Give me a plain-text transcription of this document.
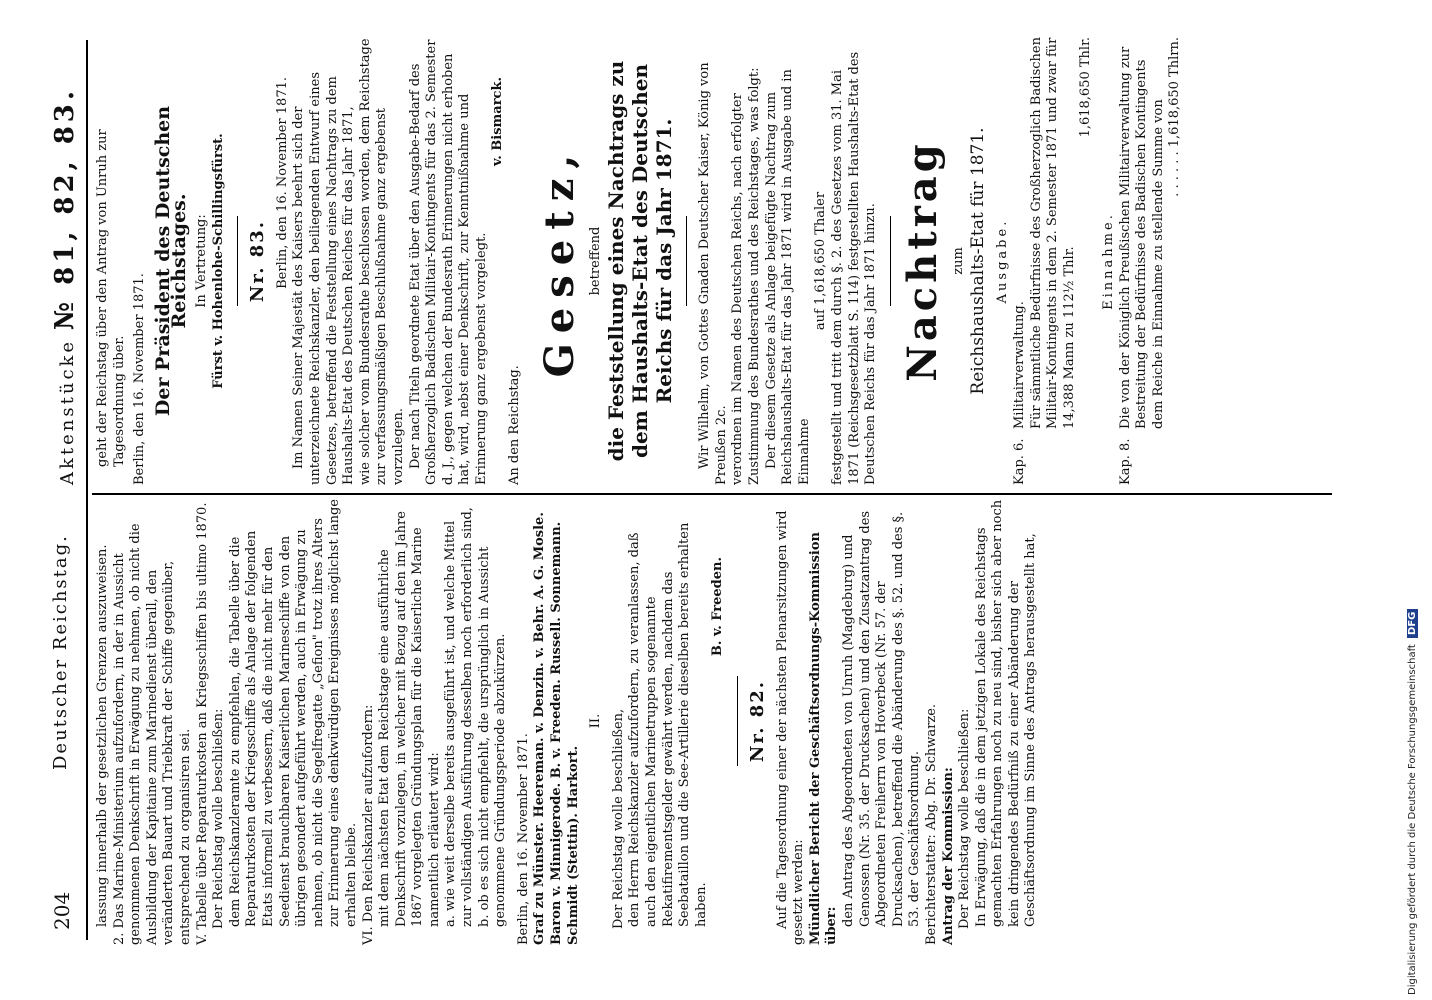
204
Deutscher Reichstag.
Aktenstücke № 81, 82, 83.

lassung innerhalb der gesetzlichen Grenzen auszuweisen. 2. Das Marine-Ministerium aufzufordern, in der in Aussicht genommenen Denkschrift in Erwägung zu nehmen, ob nicht die Ausbildung der Kapitaine zum Marinedienst überall, den veränderten Bauart und Triebkraft der Schiffe gegenüber, entsprechend zu organisiren sei. V. Tabelle über Reparaturkosten an Kriegsschiffen bis ultimo 1870. Der Reichstag wolle beschließen: dem Reichskanzleramte zu empfehlen, die Tabelle über die Reparaturkosten der Kriegsschiffe als Anlage der folgenden Etats informell zu verbessern, daß die nicht mehr für den Seedienst brauchbaren Kaiserlichen Marineschiffe von den übrigen gesondert aufgeführt werden, auch in Erwägung zu nehmen, ob nicht die Segelfregatte „Gefion" trotz ihres Alters zur Erinnerung eines denkwürdigen Ereignisses möglichst lange erhalten bleibe. VI. Den Reichskanzler aufzufordern: mit dem nächsten Etat dem Reichstage eine ausführliche Denkschrift vorzulegen, in welcher mit Bezug auf den im Jahre 1867 vorgelegten Gründungsplan für die Kaiserliche Marine namentlich erläutert wird: a. wie weit derselbe bereits ausgeführt ist, und welche Mittel zur vollständigen Ausführung desselben noch erforderlich sind, b. ob es sich nicht empfiehlt, die ursprünglich in Aussicht genommene Gründungsperiode abzukürzen. Berlin, den 16. November 1871. Graf zu Münster. Heereman. v. Denzin. v. Behr. A. G. Mosle. Baron v. Minnigerode. B. v. Freeden. Russell. Sonnemann. Schmidt (Stettin). Harkort.

II. Der Reichstag wolle beschließen, den Herrn Reichskanzler aufzufordern, zu veranlassen, daß auch den eigentlichen Marinetruppen sogenannte Rekatifirementsgelder gewährt werden, nachdem das Seebataillon und die See-Artillerie dieselben bereits erhalten haben.

B. v. Freeden.

Nr. 82. Auf die Tagesordnung einer der nächsten Plenarsitzungen wird gesetzt werden: Mündlicher Bericht der Geschäftsordnungs-Kommission über: den Antrag des Abgeordneten von Unruh (Magdeburg) und Genossen (Nr. 35. der Drucksachen) und den Zusatzantrag des Abgeordneten Freiherrn von Hoverbeck (Nr. 57. der Drucksachen), betreffend die Abänderung des §. 52. und des §. 53. der Geschäftsordnung. Berichterstatter: Abg. Dr. Schwarze. Antrag der Kommission: Der Reichstag wolle beschließen: In Erwägung, daß die in dem jetzigen Lokale des Reichstags gemachten Erfahrungen noch zu neu sind, bisher sich aber noch kein dringendes Bedürfniß zu einer Abänderung der Geschäftsordnung im Sinne des Antrags herausgestellt hat,

geht der Reichstag über den Antrag von Unruh zur Tagesordnung über. Berlin, den 16. November 1871. Der Präsident des Deutschen Reichstages. In Vertretung: Fürst v. Hohenlohe-Schillingsfürst. Nr. 83. Berlin, den 16. November 1871. Im Namen Seiner Majestät des Kaisers beehrt sich der unterzeichnete Reichskanzler, den beiliegenden Entwurf eines Gesetzes, betreffend die Feststellung eines Nachtrags zu dem Haushalts-Etat des Deutschen Reiches für das Jahr 1871, wie solcher vom Bundesrathe beschlossen worden, dem Reichstage zur verfassungsmäßigen Beschlußnahme ganz ergebenst vorzulegen. Der nach Titeln geordnete Etat über den Ausgabe-Bedarf des Großherzoglich Badischen Militair-Kontingents für das 2. Semester d. J., gegen welchen der Bundesrath Erinnerungen nicht erhoben hat, wird, nebst einer Denkschrift, zur Kenntnißnahme und Erinnerung ganz ergebenst vorgelegt.

v. Bismarck.

An den Reichstag.

Gesetz, betreffend die Feststellung eines Nachtrags zu dem Haushalts-Etat des Deutschen Reichs für das Jahr 1871. Wir Wilhelm, von Gottes Gnaden Deutscher Kaiser, König von Preußen 2c. verordnen im Namen des Deutschen Reichs, nach erfolgter Zustimmung des Bundesrathes und des Reichstages, was folgt: Der diesem Gesetze als Anlage beigefügte Nachtrag zum Reichshaushalts-Etat für das Jahr 1871 wird in Ausgabe und in Einnahme

auf 1,618,650 Thaler festgestellt und tritt dem durch §. 2. des Gesetzes vom 31. Mai 1871 (Reichsgesetzblatt S. 114) festgestellten Haushalts-Etat des Deutschen Reichs für das Jahr 1871 hinzu. Nachtrag zum Reichshaushalts-Etat für 1871. Ausgabe.

Kap. 6.

Militairverwaltung. Für sämmtliche Bedürfnisse des Großherzoglich Badischen Militair-Kontingents in dem 2. Semester 1871 und zwar für 14,388 Mann zu 112½ Thlr.

1,618,650 Thlr.

Einnahme.

Kap. 8.

Die von der Königlich Preußischen Militairverwaltung zur Bestreitung der Bedürfnisse des Badischen Kontingents dem Reiche in Einnahme zu stellende Summe von . . . . . . 1,618,650 Thlrn.

Digitalisierung gefördert durch die Deutsche Forschungsgemeinschaft DFG
